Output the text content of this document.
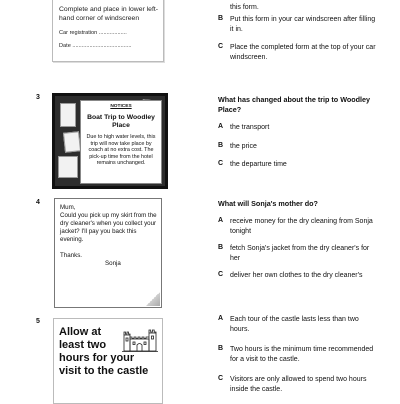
Complete and place in lower left-hand corner of windscreen
Car registration ..................
Date ......................................
this form.
B Put this form in your car windscreen after filling it in.
C Place the completed form at the top of your car windscreen.
3
NOTICES
Boat Trip to Woodley Place
Due to high water levels, this trip will now take place by coach at no extra cost. The pick-up time from the hotel remains unchanged.
What has changed about the trip to Woodley Place?
A the transport
B the price
C the departure time
4
Mum,
Could you pick up my skirt from the dry cleaner's when you collect your jacket? I'll pay you back this evening.
Thanks.
Sonja
What will Sonja's mother do?
A receive money for the dry cleaning from Sonja tonight
B fetch Sonja's jacket from the dry cleaner's for her
C deliver her own clothes to the dry cleaner's
5
Allow at
least two
hours for your
visit to the castle
A Each tour of the castle lasts less than two hours.
B Two hours is the minimum time recommended for a visit to the castle.
C Visitors are only allowed to spend two hours inside the castle.
